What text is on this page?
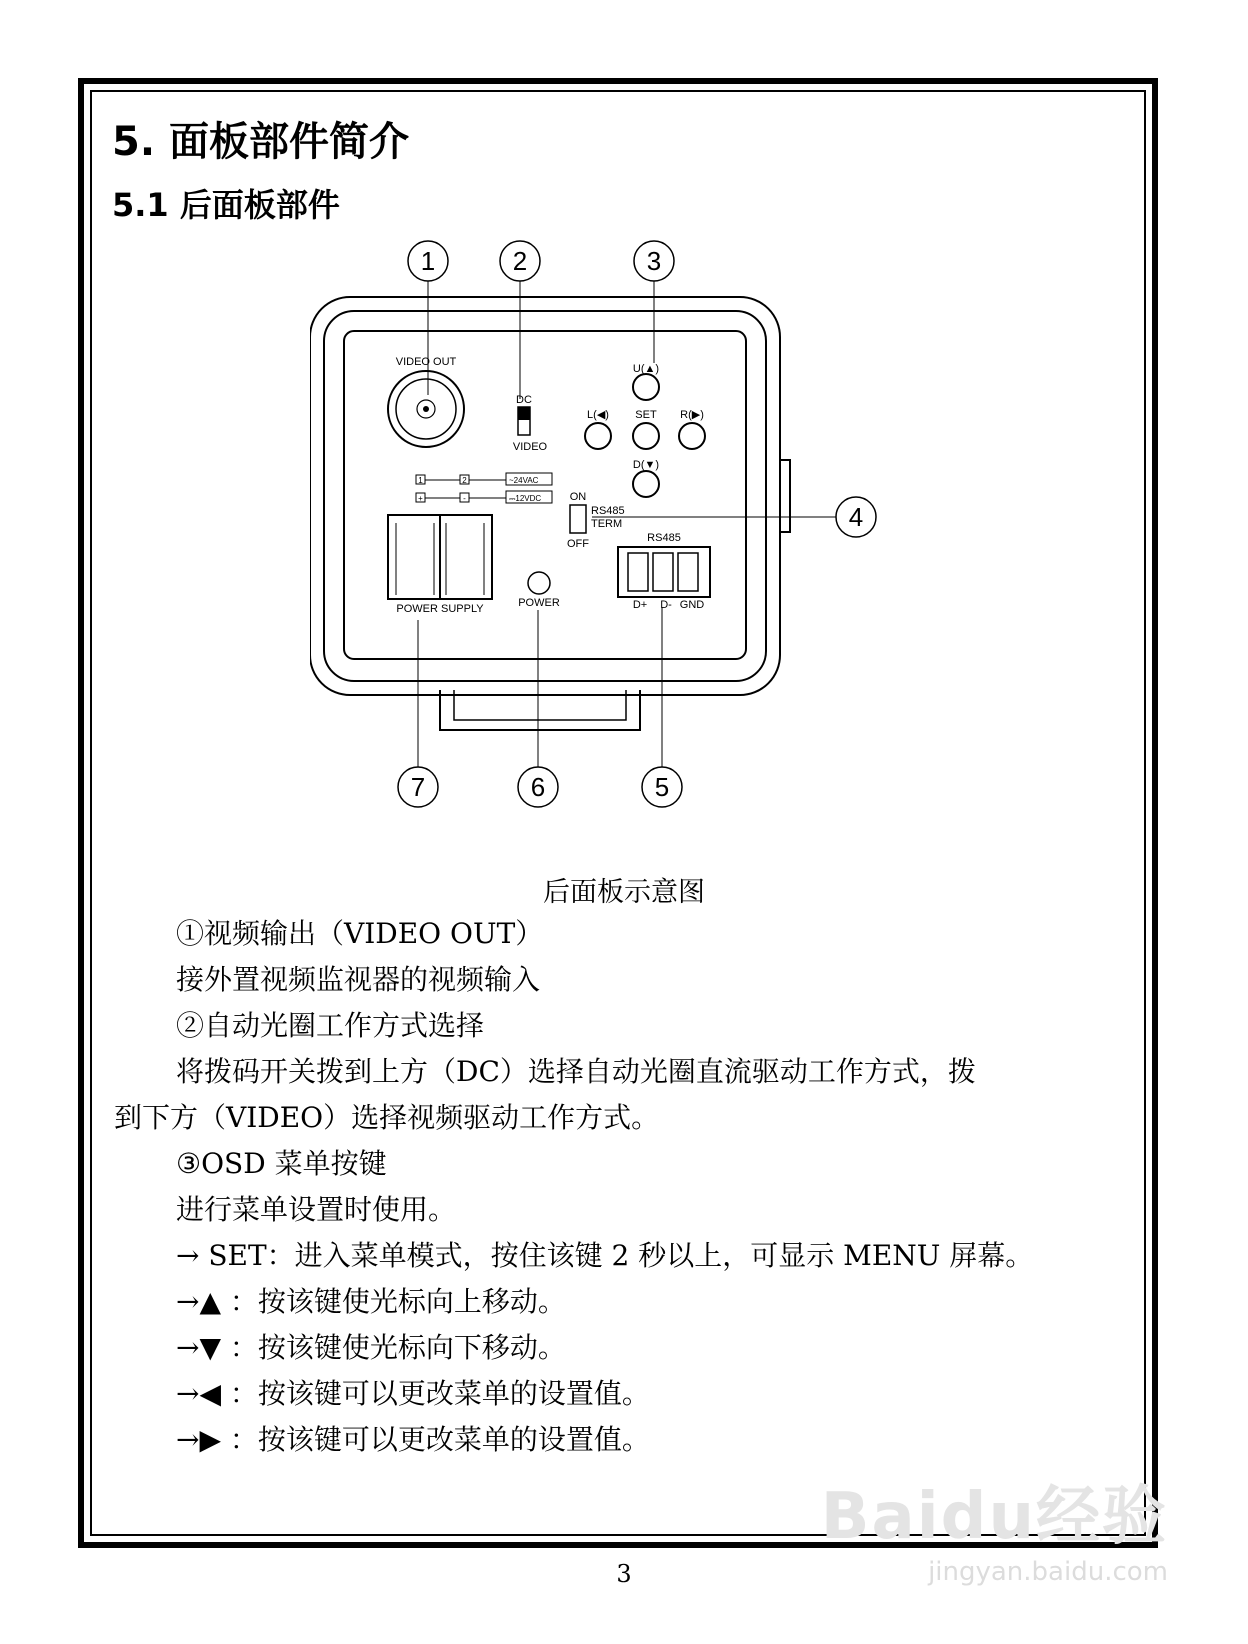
5. 面板部件简介
5.1 后面板部件
1	2	3
4
5
6
7
VIDEO OUT
DC
VIDEO
U(▲)
L(◀) SET R(▶)
D(▼)
1	2	~24VAC
+	-	⎓12VDC	ON
OFF
RS485
TERM
POWER SUPPLY	POWER
RS485
D+ D- GND
后面板示意图
①视频输出（VIDEO OUT）
接外置视频监视器的视频输入
②自动光圈工作方式选择
将拨码开关拨到上方（DC）选择自动光圈直流驱动工作方式，拨
到下方（VIDEO）选择视频驱动工作方式。
③OSD 菜单按键
进行菜单设置时使用。
→ SET：进入菜单模式，按住该键 2 秒以上，可显示 MENU 屏幕。
→▲ ：按该键使光标向上移动。
→▼ ：按该键使光标向下移动。
→◀ ：按该键可以更改菜单的设置值。
→▶ ：按该键可以更改菜单的设置值。
Baidu经验
jingyan.baidu.com
3
